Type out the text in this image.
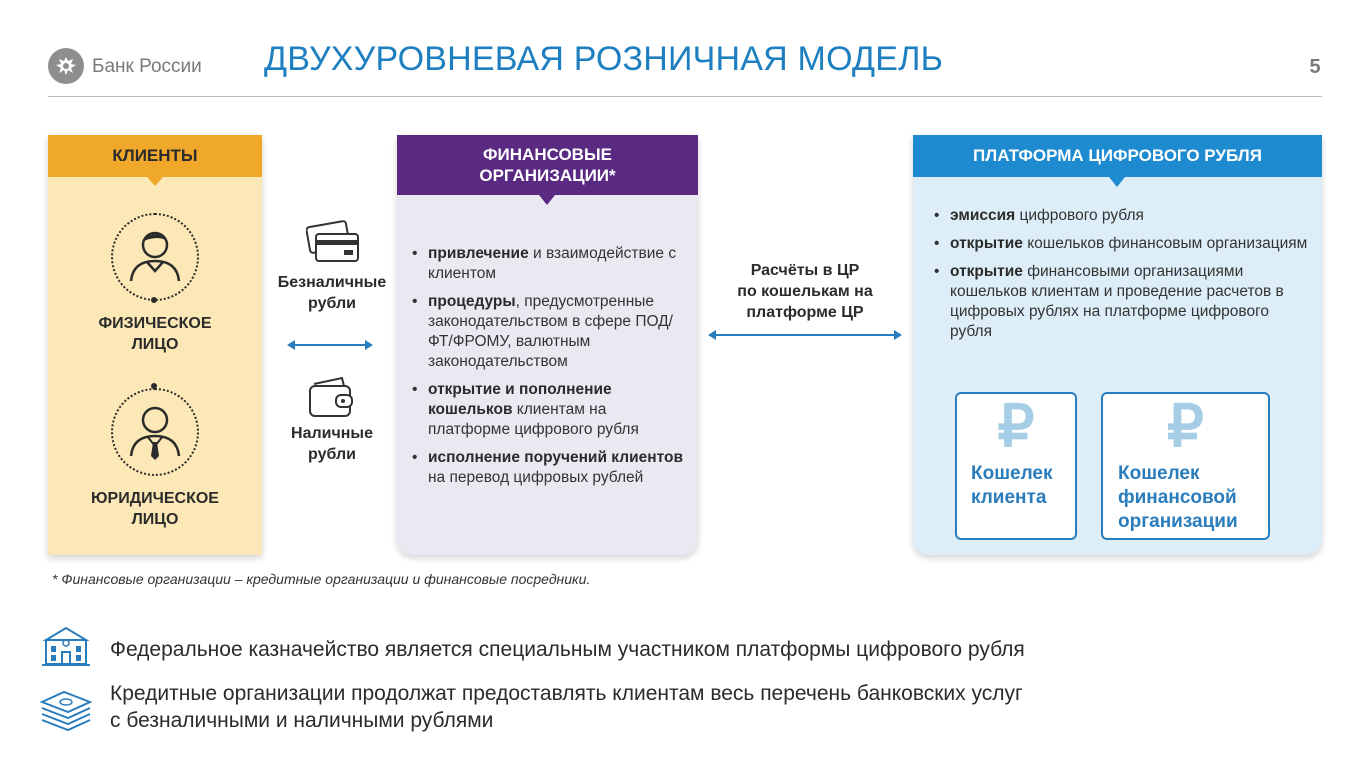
Банк России ДВУХУРОВНЕВАЯ РОЗНИЧНАЯ МОДЕЛЬ	5
КЛИЕНТЫ
ФИЗИЧЕСКОЕ
ЛИЦО
ЮРИДИЧЕСКОЕ
ЛИЦО
Безналичные
рубли
Наличные
рубли
ФИНАНСОВЫЕ
ОРГАНИЗАЦИИ*
• привлечение и взаимодействие с клиентом
• процедуры, предусмотренные законодательством в сфере ПОД/ФТ/ФРОМУ, валютным законодательством
• открытие и пополнение кошельков клиентам на платформе цифрового рубля
• исполнение поручений клиентов на перевод цифровых рублей
Расчёты в ЦР
по кошелькам на
платформе ЦР
ПЛАТФОРМА ЦИФРОВОГО РУБЛЯ
• эмиссия цифрового рубля
• открытие кошельков финансовым организациям
• открытие финансовыми организациями кошельков клиентам и проведение расчетов в цифровых рублях на платформе цифрового рубля
₽
Кошелек
клиента
₽
Кошелек
финансовой
организации
* Финансовые организации – кредитные организации и финансовые посредники.
Федеральное казначейство является специальным участником платформы цифрового рубля
Кредитные организации продолжат предоставлять клиентам весь перечень банковских услуг
с безналичными и наличными рублями
